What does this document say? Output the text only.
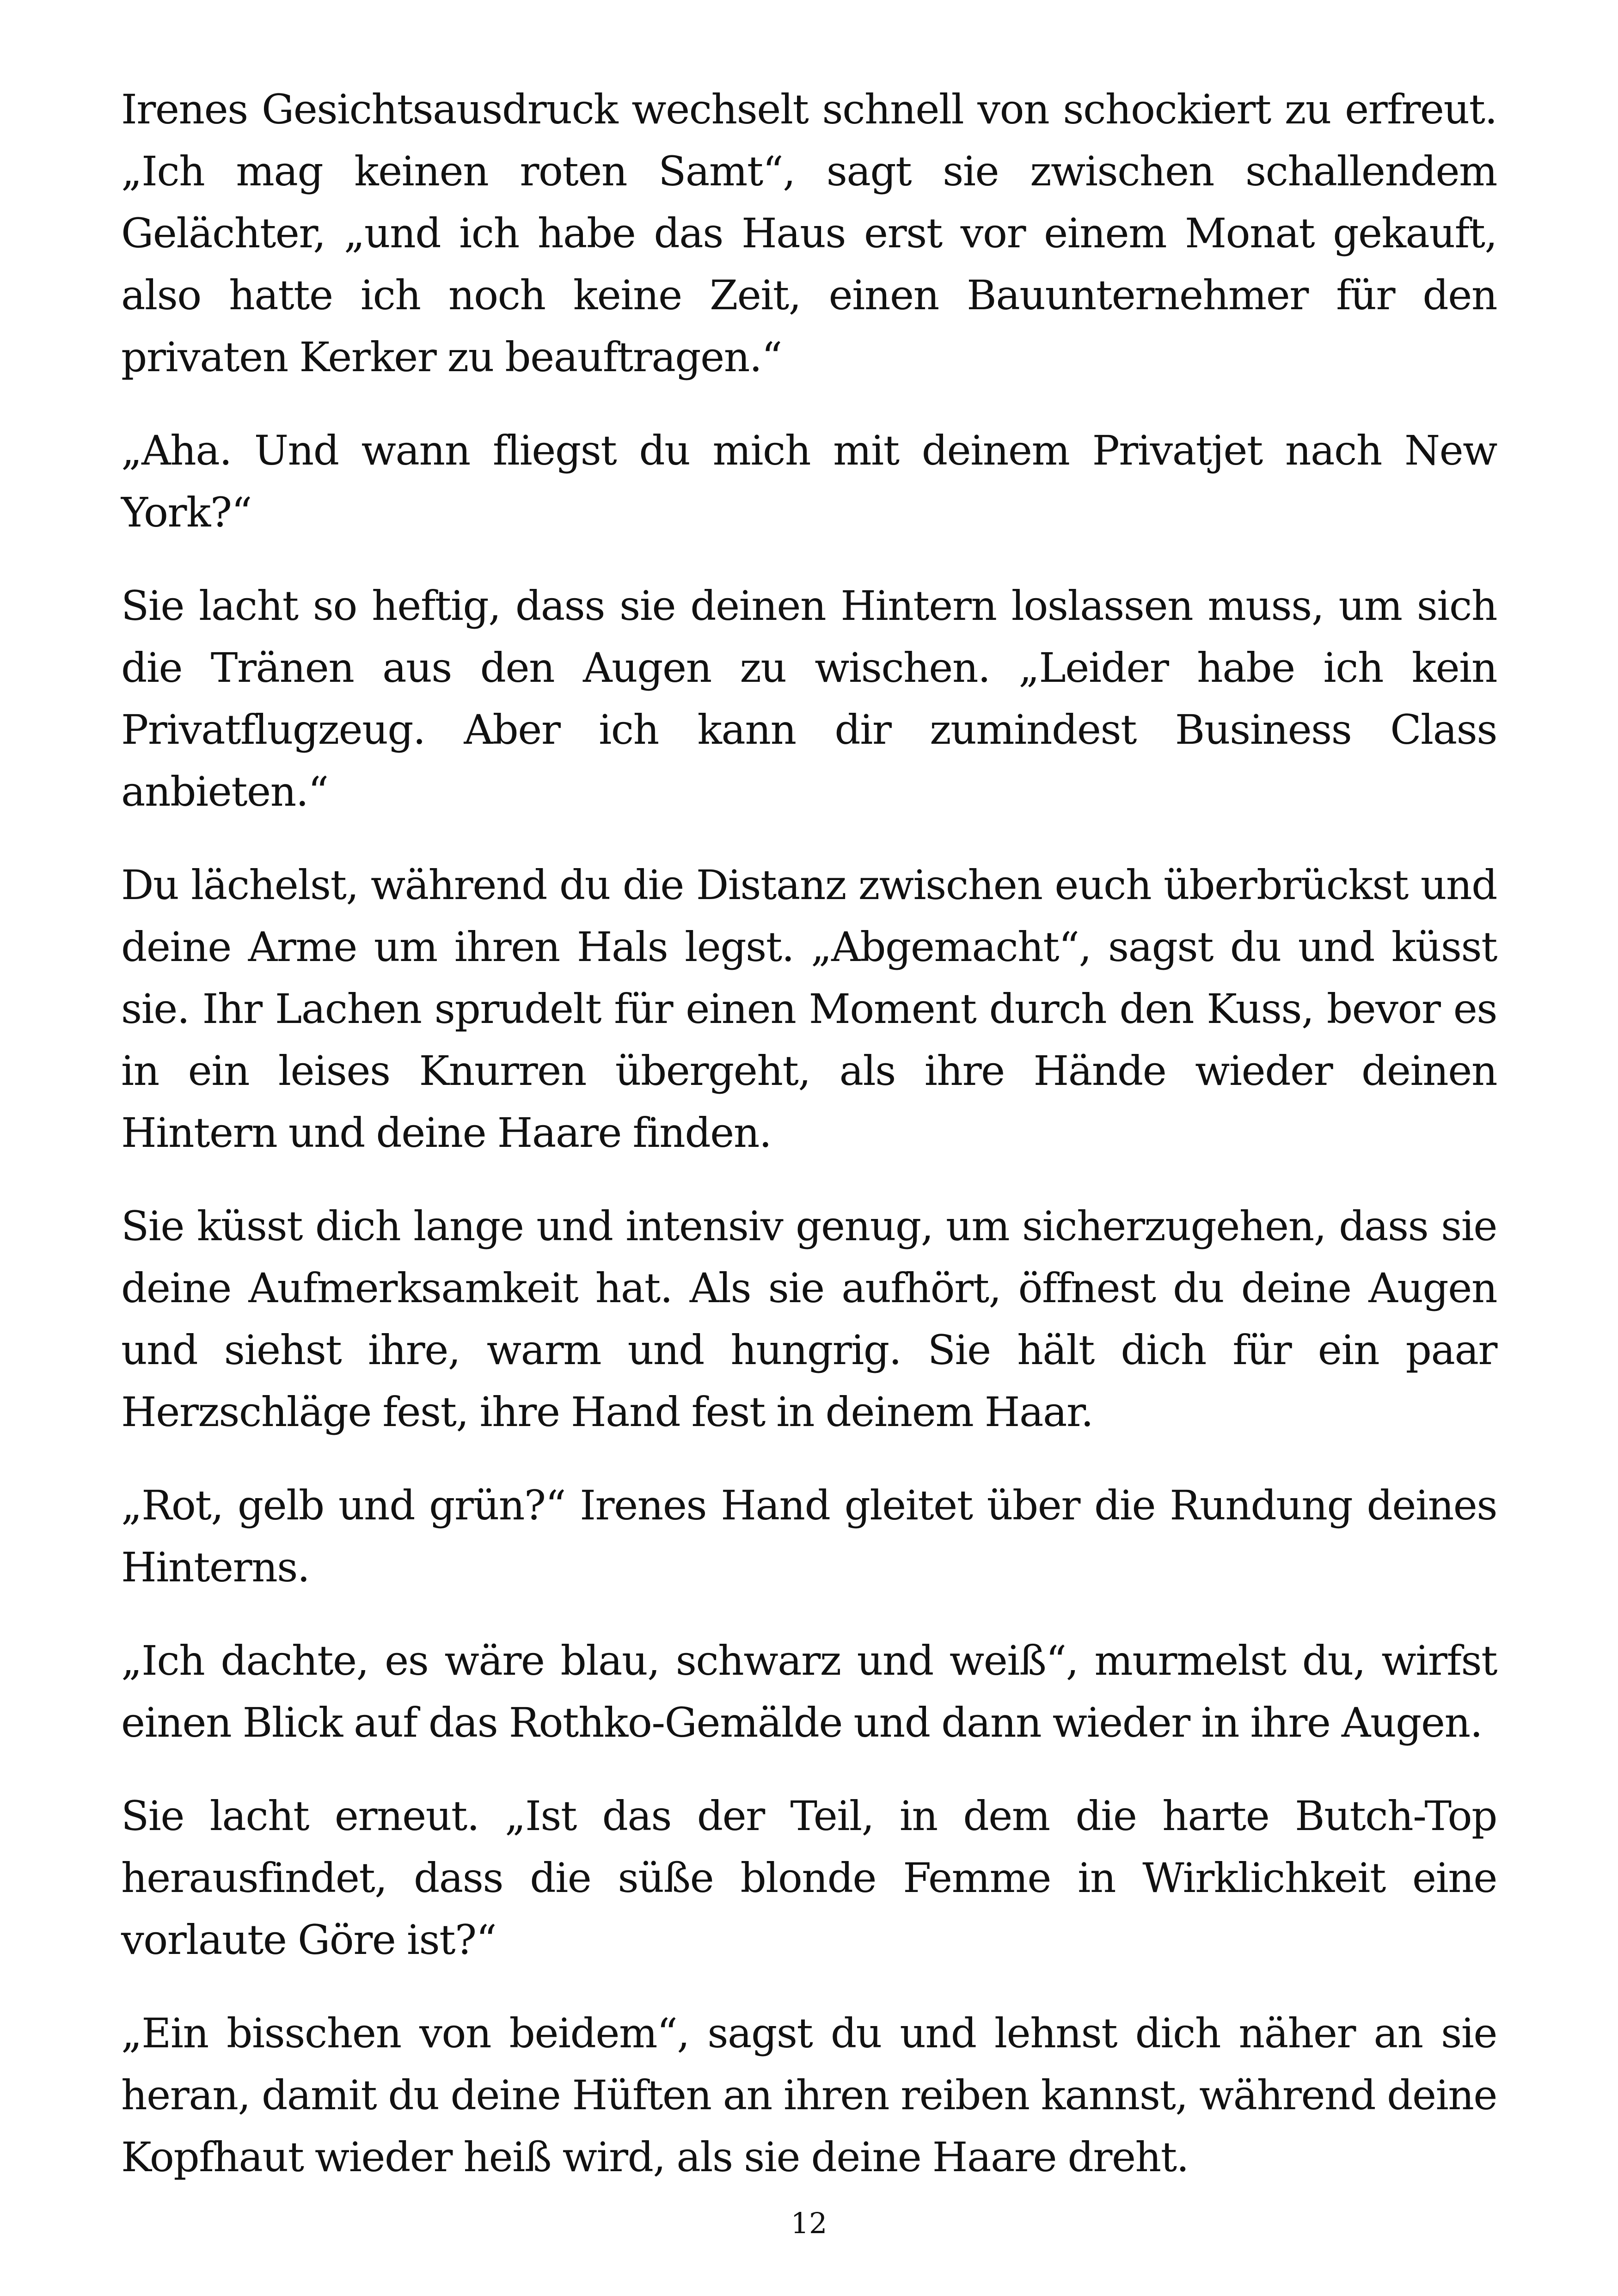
Irenes Gesichtsausdruck wechselt schnell von schockiert zu erfreut. „Ich mag keinen roten Samt“, sagt sie zwischen schallendem Gelächter, „und ich habe das Haus erst vor einem Monat gekauft, also hatte ich noch keine Zeit, einen Bauunternehmer für den privaten Kerker zu beauftragen.“

„Aha. Und wann fliegst du mich mit deinem Privatjet nach New York?“

Sie lacht so heftig, dass sie deinen Hintern loslassen muss, um sich die Tränen aus den Augen zu wischen. „Leider habe ich kein Privatflugzeug. Aber ich kann dir zumindest Business Class anbieten.“

Du lächelst, während du die Distanz zwischen euch überbrückst und deine Arme um ihren Hals legst. „Abgemacht“, sagst du und küsst sie. Ihr Lachen sprudelt für einen Moment durch den Kuss, bevor es in ein leises Knurren übergeht, als ihre Hände wieder deinen Hintern und deine Haare finden.

Sie küsst dich lange und intensiv genug, um sicherzugehen, dass sie deine Aufmerksamkeit hat. Als sie aufhört, öffnest du deine Augen und siehst ihre, warm und hungrig. Sie hält dich für ein paar Herzschläge fest, ihre Hand fest in deinem Haar.

„Rot, gelb und grün?“ Irenes Hand gleitet über die Rundung deines Hinterns.

„Ich dachte, es wäre blau, schwarz und weiß“, murmelst du, wirfst einen Blick auf das Rothko-Gemälde und dann wieder in ihre Augen.

Sie lacht erneut. „Ist das der Teil, in dem die harte Butch-Top herausfindet, dass die süße blonde Femme in Wirklichkeit eine vorlaute Göre ist?“

„Ein bisschen von beidem“, sagst du und lehnst dich näher an sie heran, damit du deine Hüften an ihren reiben kannst, während deine Kopfhaut wieder heiß wird, als sie deine Haare dreht.

12
